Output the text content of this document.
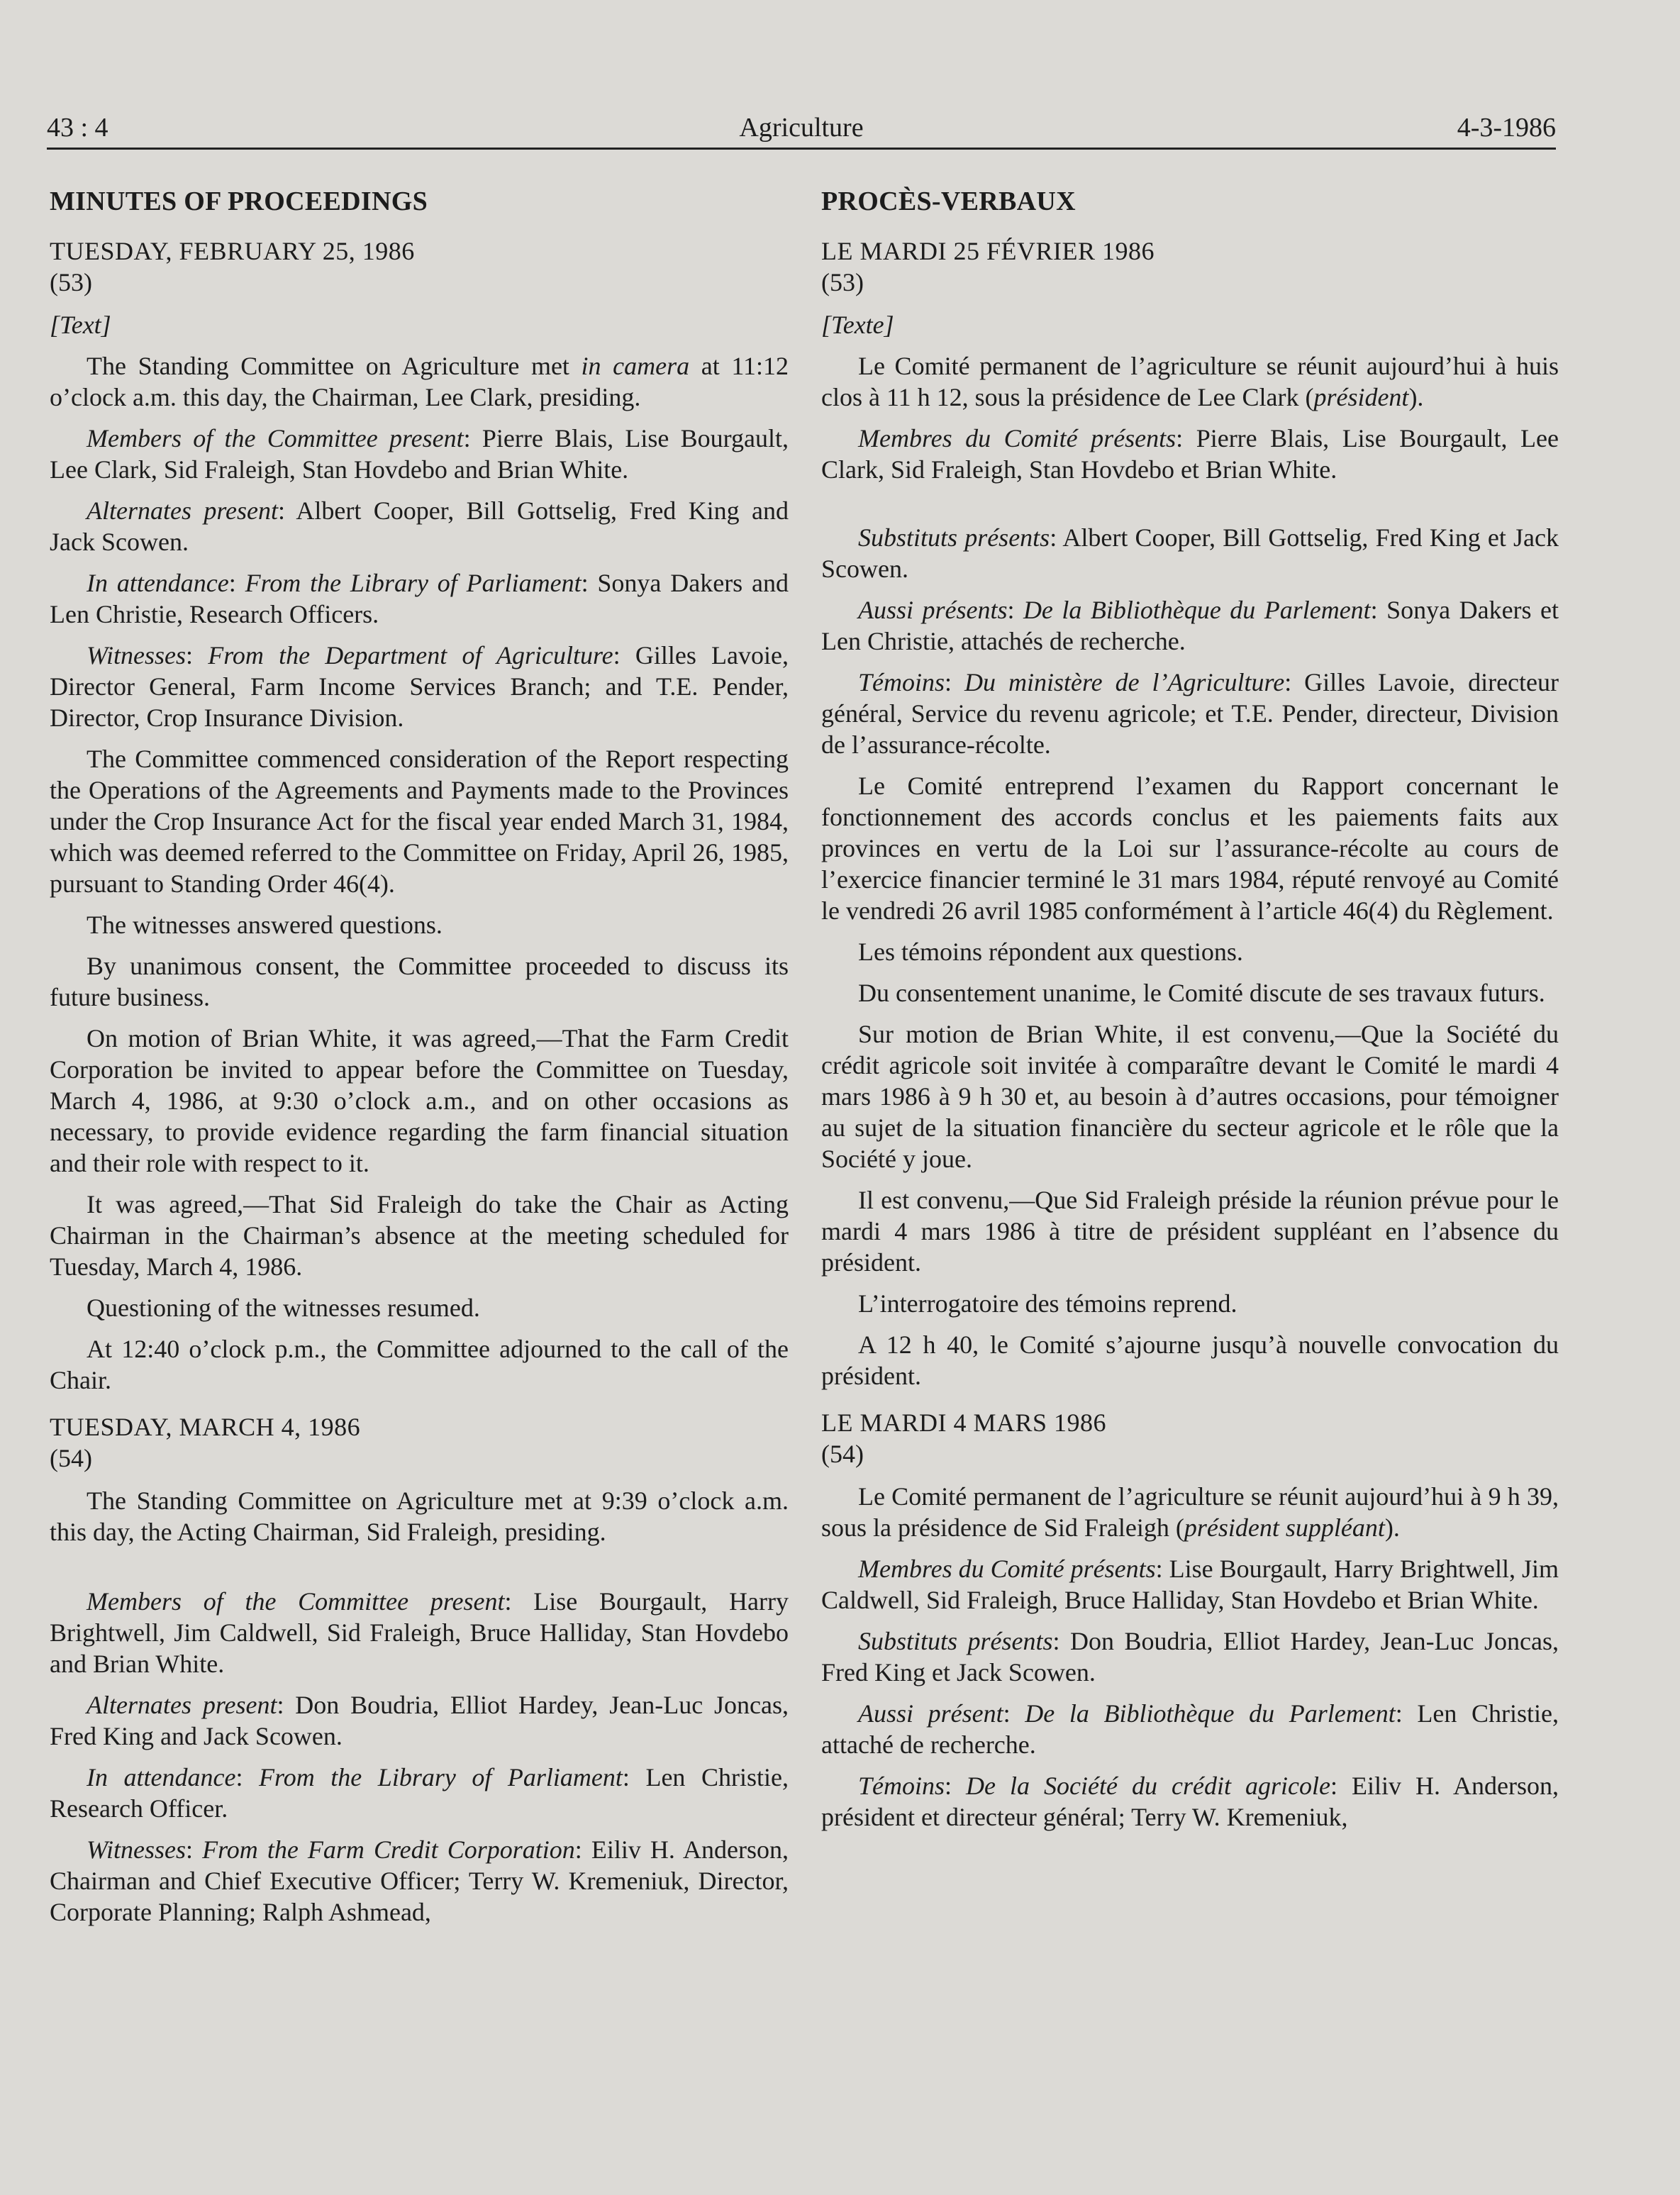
43 : 4	Agriculture	4-3-1986
MINUTES OF PROCEEDINGS
TUESDAY, FEBRUARY 25, 1986
(53)
[Text]

The Standing Committee on Agriculture met in camera at 11:12 o’clock a.m. this day, the Chairman, Lee Clark, presiding.

Members of the Committee present: Pierre Blais, Lise Bourgault, Lee Clark, Sid Fraleigh, Stan Hovdebo and Brian White.

Alternates present: Albert Cooper, Bill Gottselig, Fred King and Jack Scowen.

In attendance: From the Library of Parliament: Sonya Dakers and Len Christie, Research Officers.

Witnesses: From the Department of Agriculture: Gilles Lavoie, Director General, Farm Income Services Branch; and T.E. Pender, Director, Crop Insurance Division.

The Committee commenced consideration of the Report respecting the Operations of the Agreements and Payments made to the Provinces under the Crop Insurance Act for the fiscal year ended March 31, 1984, which was deemed referred to the Committee on Friday, April 26, 1985, pursuant to Standing Order 46(4).

The witnesses answered questions.

By unanimous consent, the Committee proceeded to discuss its future business.

On motion of Brian White, it was agreed,—That the Farm Credit Corporation be invited to appear before the Committee on Tuesday, March 4, 1986, at 9:30 o’clock a.m., and on other occasions as necessary, to provide evidence regarding the farm financial situation and their role with respect to it.

It was agreed,—That Sid Fraleigh do take the Chair as Acting Chairman in the Chairman’s absence at the meeting scheduled for Tuesday, March 4, 1986.

Questioning of the witnesses resumed.

At 12:40 o’clock p.m., the Committee adjourned to the call of the Chair.

TUESDAY, MARCH 4, 1986
(54)

The Standing Committee on Agriculture met at 9:39 o’clock a.m. this day, the Acting Chairman, Sid Fraleigh, presiding.

Members of the Committee present: Lise Bourgault, Harry Brightwell, Jim Caldwell, Sid Fraleigh, Bruce Halliday, Stan Hovdebo and Brian White.

Alternates present: Don Boudria, Elliot Hardey, Jean-Luc Joncas, Fred King and Jack Scowen.

In attendance: From the Library of Parliament: Len Christie, Research Officer.

Witnesses: From the Farm Credit Corporation: Eiliv H. Anderson, Chairman and Chief Executive Officer; Terry W. Kremeniuk, Director, Corporate Planning; Ralph Ashmead,

PROCÈS-VERBAUX
LE MARDI 25 FÉVRIER 1986
(53)
[Texte]

Le Comité permanent de l’agriculture se réunit aujourd’hui à huis clos à 11 h 12, sous la présidence de Lee Clark (président).

Membres du Comité présents: Pierre Blais, Lise Bourgault, Lee Clark, Sid Fraleigh, Stan Hovdebo et Brian White.

Substituts présents: Albert Cooper, Bill Gottselig, Fred King et Jack Scowen.

Aussi présents: De la Bibliothèque du Parlement: Sonya Dakers et Len Christie, attachés de recherche.

Témoins: Du ministère de l’Agriculture: Gilles Lavoie, directeur général, Service du revenu agricole; et T.E. Pender, directeur, Division de l’assurance-récolte.

Le Comité entreprend l’examen du Rapport concernant le fonctionnement des accords conclus et les paiements faits aux provinces en vertu de la Loi sur l’assurance-récolte au cours de l’exercice financier terminé le 31 mars 1984, réputé renvoyé au Comité le vendredi 26 avril 1985 conformément à l’article 46(4) du Règlement.

Les témoins répondent aux questions.

Du consentement unanime, le Comité discute de ses travaux futurs.

Sur motion de Brian White, il est convenu,—Que la Société du crédit agricole soit invitée à comparaître devant le Comité le mardi 4 mars 1986 à 9 h 30 et, au besoin à d’autres occasions, pour témoigner au sujet de la situation financière du secteur agricole et le rôle que la Société y joue.

Il est convenu,—Que Sid Fraleigh préside la réunion prévue pour le mardi 4 mars 1986 à titre de président suppléant en l’absence du président.

L’interrogatoire des témoins reprend.

A 12 h 40, le Comité s’ajourne jusqu’à nouvelle convocation du président.

LE MARDI 4 MARS 1986
(54)

Le Comité permanent de l’agriculture se réunit aujourd’hui à 9 h 39, sous la présidence de Sid Fraleigh (président suppléant).

Membres du Comité présents: Lise Bourgault, Harry Brightwell, Jim Caldwell, Sid Fraleigh, Bruce Halliday, Stan Hovdebo et Brian White.

Substituts présents: Don Boudria, Elliot Hardey, Jean-Luc Joncas, Fred King et Jack Scowen.

Aussi présent: De la Bibliothèque du Parlement: Len Christie, attaché de recherche.

Témoins: De la Société du crédit agricole: Eiliv H. Anderson, président et directeur général; Terry W. Kremeniuk,
